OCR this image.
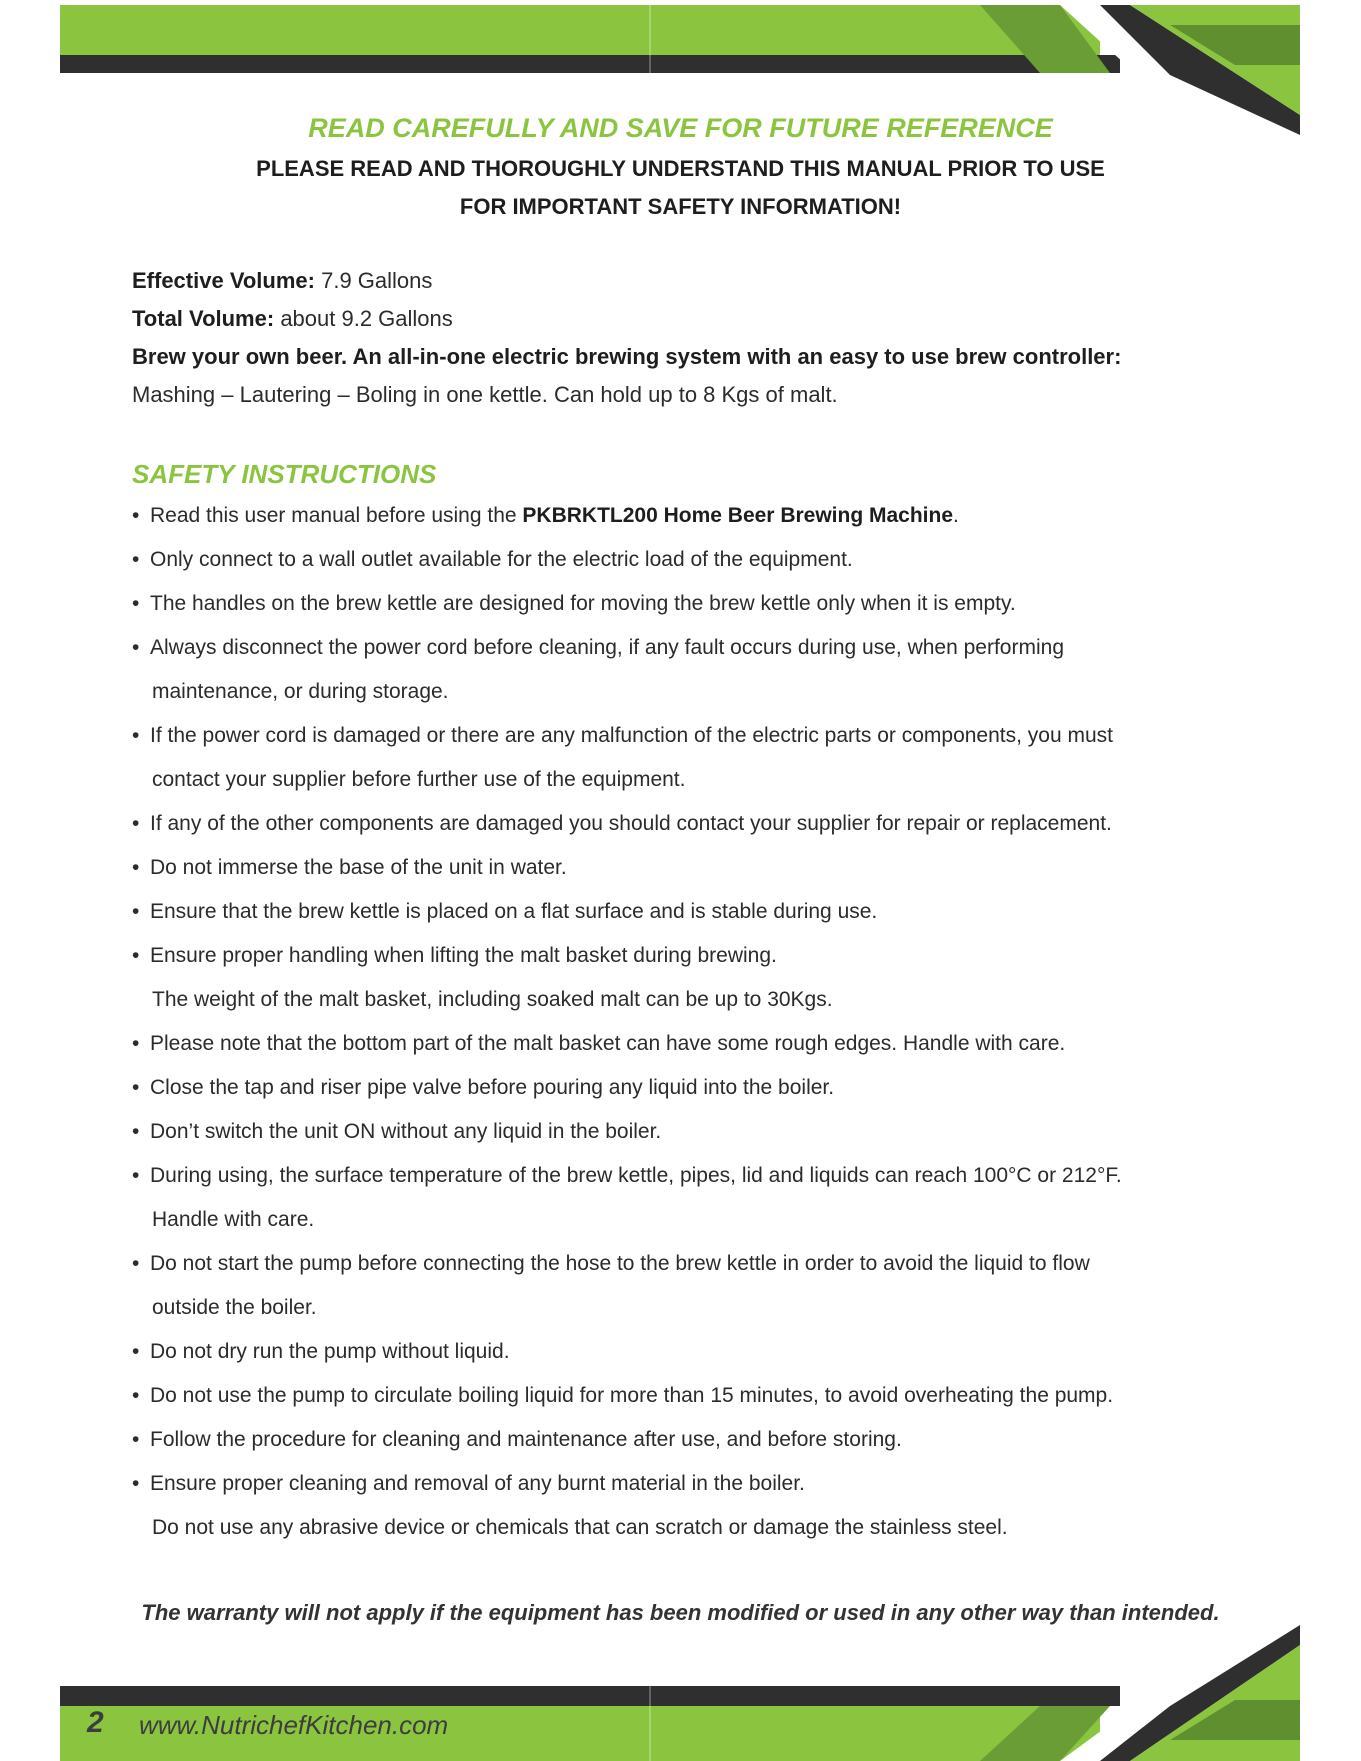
READ CAREFULLY AND SAVE FOR FUTURE REFERENCE
PLEASE READ AND THOROUGHLY UNDERSTAND THIS MANUAL PRIOR TO USE
FOR IMPORTANT SAFETY INFORMATION!
Effective Volume: 7.9 Gallons
Total Volume: about 9.2 Gallons
Brew your own beer. An all-in-one electric brewing system with an easy to use brew controller:
Mashing – Lautering – Boling in one kettle. Can hold up to 8 Kgs of malt.
SAFETY INSTRUCTIONS
• Read this user manual before using the PKBRKTL200 Home Beer Brewing Machine.
• Only connect to a wall outlet available for the electric load of the equipment.
• The handles on the brew kettle are designed for moving the brew kettle only when it is empty.
• Always disconnect the power cord before cleaning, if any fault occurs during use, when performing
maintenance, or during storage.
• If the power cord is damaged or there are any malfunction of the electric parts or components, you must
contact your supplier before further use of the equipment.
• If any of the other components are damaged you should contact your supplier for repair or replacement.
• Do not immerse the base of the unit in water.
• Ensure that the brew kettle is placed on a flat surface and is stable during use.
• Ensure proper handling when lifting the malt basket during brewing.
The weight of the malt basket, including soaked malt can be up to 30Kgs.
• Please note that the bottom part of the malt basket can have some rough edges. Handle with care.
• Close the tap and riser pipe valve before pouring any liquid into the boiler.
• Don’t switch the unit ON without any liquid in the boiler.
• During using, the surface temperature of the brew kettle, pipes, lid and liquids can reach 100°C or 212°F.
Handle with care.
• Do not start the pump before connecting the hose to the brew kettle in order to avoid the liquid to flow
outside the boiler.
• Do not dry run the pump without liquid.
• Do not use the pump to circulate boiling liquid for more than 15 minutes, to avoid overheating the pump.
• Follow the procedure for cleaning and maintenance after use, and before storing.
• Ensure proper cleaning and removal of any burnt material in the boiler.
Do not use any abrasive device or chemicals that can scratch or damage the stainless steel.
The warranty will not apply if the equipment has been modified or used in any other way than intended.
2 www.NutrichefKitchen.com
